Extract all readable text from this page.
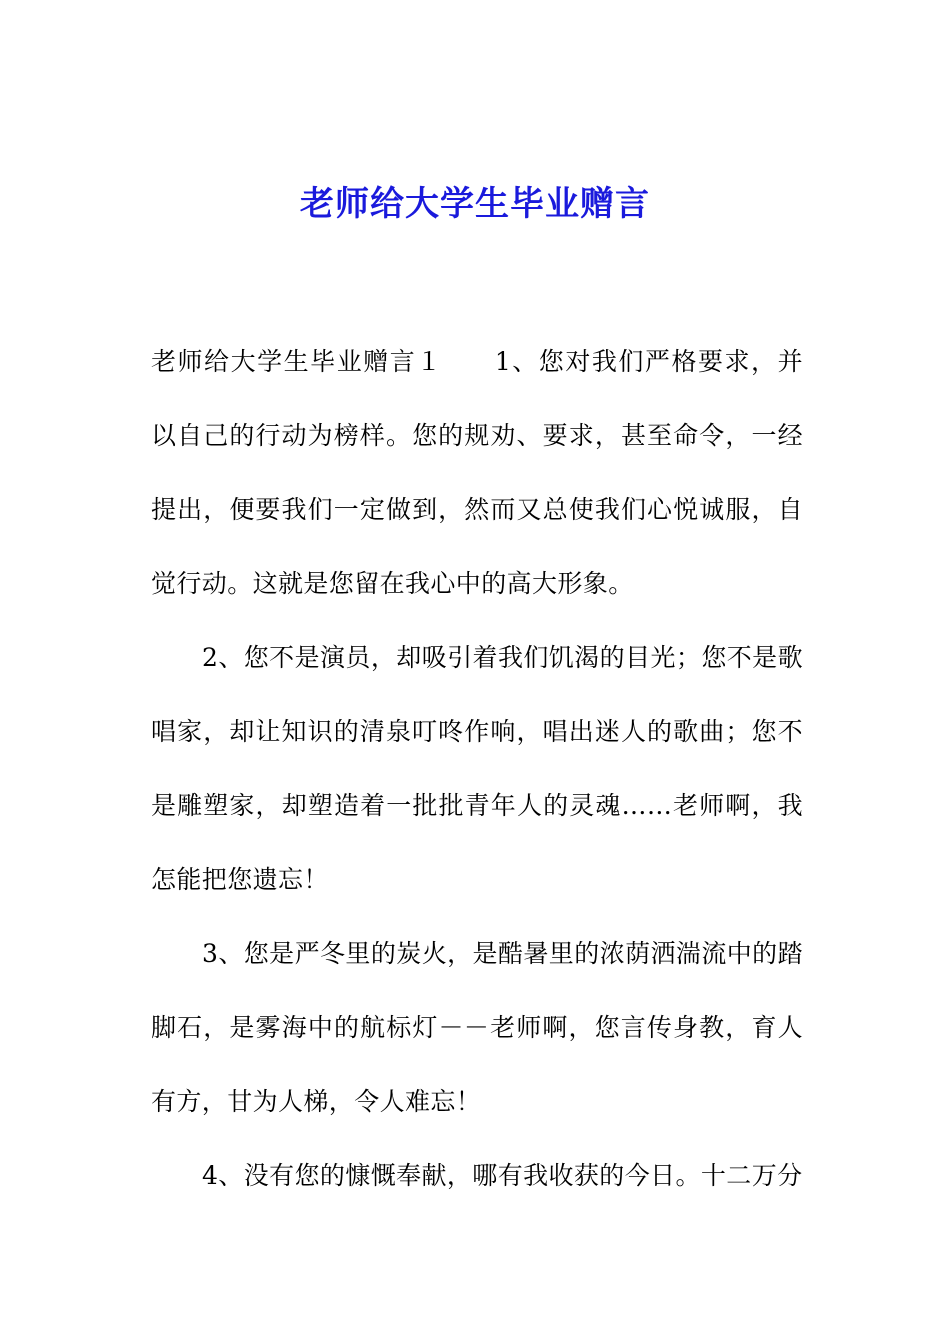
老师给大学生毕业赠言

老师给大学生毕业赠言１ 1、您对我们严格要求，并以自己的行动为榜样。您的规劝、要求，甚至命令，一经提出，便要我们一定做到，然而又总使我们心悦诚服，自觉行动。这就是您留在我心中的高大形象。

2、您不是演员，却吸引着我们饥渴的目光；您不是歌唱家，却让知识的清泉叮咚作响，唱出迷人的歌曲；您不是雕塑家，却塑造着一批批青年人的灵魂……老师啊，我怎能把您遗忘！

3、您是严冬里的炭火，是酷暑里的浓荫洒湍流中的踏脚石，是雾海中的航标灯－－老师啊，您言传身教，育人有方，甘为人梯，令人难忘！

4、没有您的慷慨奉献，哪有我收获的今日。十二万分
